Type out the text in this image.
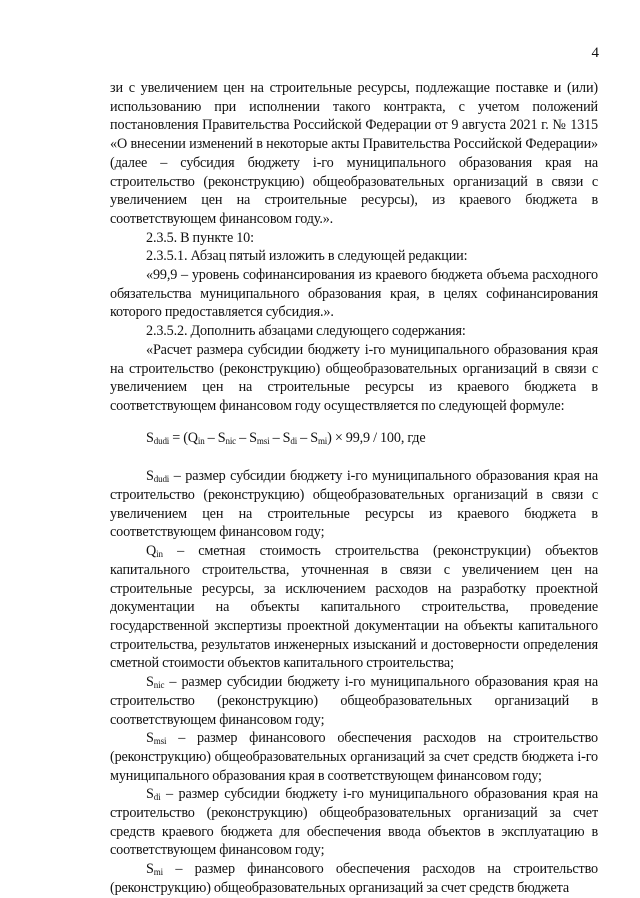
4

зи с увеличением цен на строительные ресурсы, подлежащие поставке и (или) использованию при исполнении такого контракта, с учетом положений постановления Правительства Российской Федерации от 9 августа 2021 г. № 1315 «О внесении изменений в некоторые акты Правительства Российской Федерации» (далее – субсидия бюджету i-го муниципального образования края на строительство (реконструкцию) общеобразовательных организаций в связи с увеличением цен на строительные ресурсы), из краевого бюджета в соответствующем финансовом году.».

2.3.5. В пункте 10:

2.3.5.1. Абзац пятый изложить в следующей редакции:

«99,9 – уровень софинансирования из краевого бюджета объема расходного обязательства муниципального образования края, в целях софинансирования которого предоставляется субсидия.».

2.3.5.2. Дополнить абзацами следующего содержания:

«Расчет размера субсидии бюджету i-го муниципального образования края на строительство (реконструкцию) общеобразовательных организаций в связи с увеличением цен на строительные ресурсы из краевого бюджета в соответствующем финансовом году осуществляется по следующей формуле:

$S_{dudi} = (Q_{in} - S_{nic} - S_{msi} - S_{di} - S_{mi}) \times 99,9 / 100$, где

$S_{dudi}$ – размер субсидии бюджету i-го муниципального образования края на строительство (реконструкцию) общеобразовательных организаций в связи с увеличением цен на строительные ресурсы из краевого бюджета в соответствующем финансовом году;

$Q_{in}$ – сметная стоимость строительства (реконструкции) объектов капитального строительства, уточненная в связи с увеличением цен на строительные ресурсы, за исключением расходов на разработку проектной документации на объекты капитального строительства, проведение государственной экспертизы проектной документации на объекты капитального строительства, результатов инженерных изысканий и достоверности определения сметной стоимости объектов капитального строительства;

$S_{nic}$ – размер субсидии бюджету i-го муниципального образования края на строительство (реконструкцию) общеобразовательных организаций в соответствующем финансовом году;

$S_{msi}$ – размер финансового обеспечения расходов на строительство (реконструкцию) общеобразовательных организаций за счет средств бюджета i-го муниципального образования края в соответствующем финансовом году;

$S_{di}$ – размер субсидии бюджету i-го муниципального образования края на строительство (реконструкцию) общеобразовательных организаций за счет средств краевого бюджета для обеспечения ввода объектов в эксплуатацию в соответствующем финансовом году;

$S_{mi}$ – размер финансового обеспечения расходов на строительство (реконструкцию) общеобразовательных организаций за счет средств бюджета
